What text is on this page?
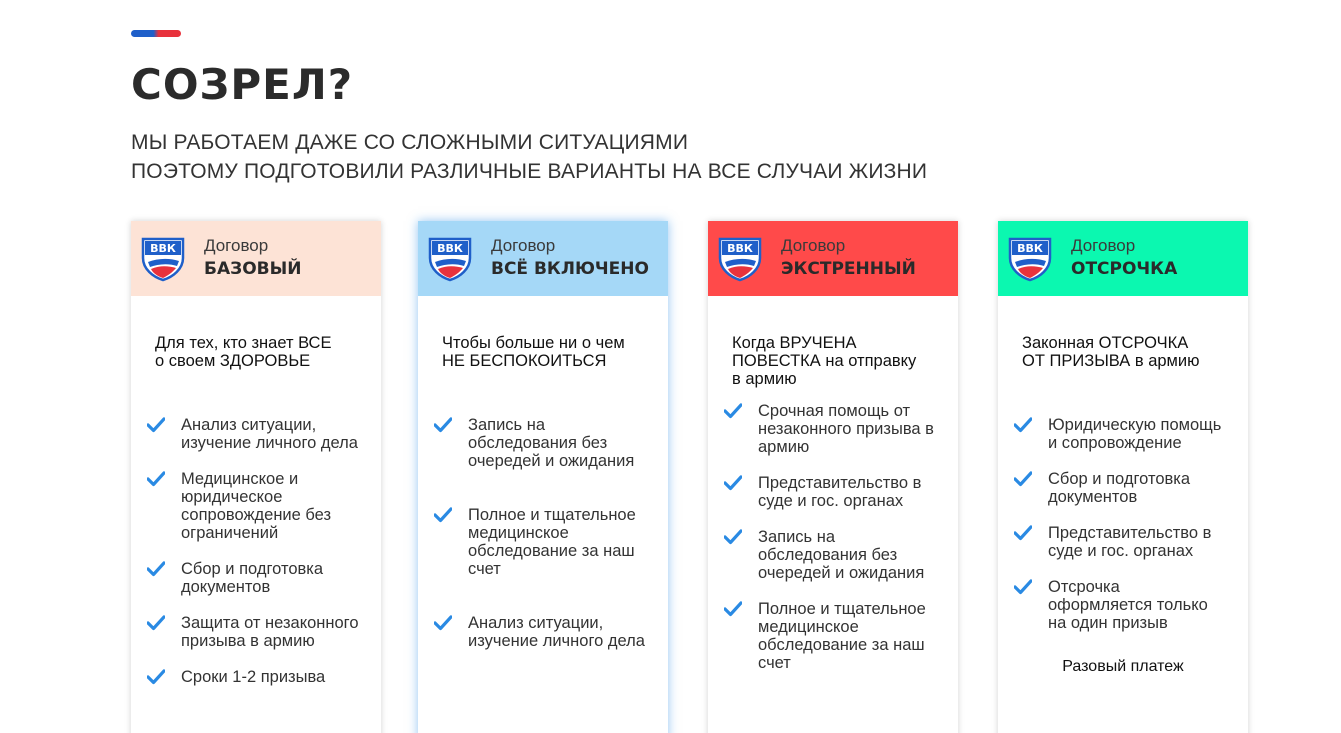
СОЗРЕЛ?
МЫ РАБОТАЕМ ДАЖЕ СО СЛОЖНЫМИ СИТУАЦИЯМИ
ПОЭТОМУ ПОДГОТОВИЛИ РАЗЛИЧНЫЕ ВАРИАНТЫ НА ВСЕ СЛУЧАИ ЖИЗНИ
ВВК Договор
БАЗОВЫЙ
Для тех, кто знает ВСЕ
о своем ЗДОРОВЬЕ
Анализ ситуации, изучение личного дела
Медицинское и юридическое сопровождение без ограничений
Сбор и подготовка документов
Защита от незаконного призыва в армию
Сроки 1-2 призыва
ВВК Договор
ВСЁ ВКЛЮЧЕНО
Чтобы больше ни о чем
НЕ БЕСПОКОИТЬСЯ
Запись на обследования без очередей и ожидания
Полное и тщательное медицинское обследование за наш счет
Анализ ситуации, изучение личного дела
ВВК Договор
ЭКСТРЕННЫЙ
Когда ВРУЧЕНА
ПОВЕСТКА на отправку
в армию
Срочная помощь от незаконного призыва в армию
Представительство в суде и гос. органах
Запись на обследования без очередей и ожидания
Полное и тщательное медицинское обследование за наш счет
ВВК Договор
ОТСРОЧКА
Законная ОТСРОЧКА
ОТ ПРИЗЫВА в армию
Юридическую помощь и сопровождение
Сбор и подготовка документов
Представительство в суде и гос. органах
Отсрочка оформляется только на один призыв
Разовый платеж
